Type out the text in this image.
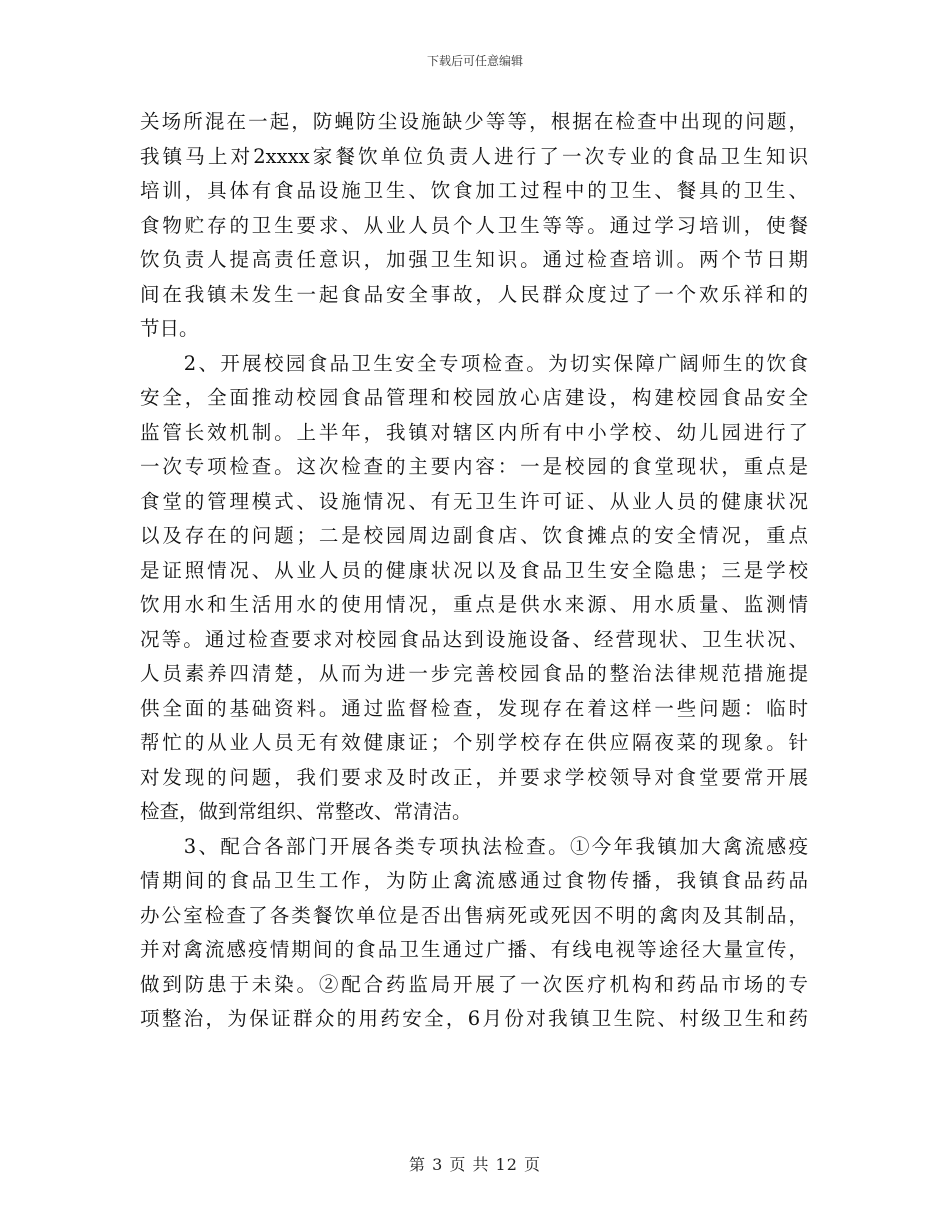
下载后可任意编辑
关场所混在一起，防蝇防尘设施缺少等等，根据在检查中出现的问题，
我镇马上对2xxxx家餐饮单位负责人进行了一次专业的食品卫生知识
培训，具体有食品设施卫生、饮食加工过程中的卫生、餐具的卫生、
食物贮存的卫生要求、从业人员个人卫生等等。通过学习培训，使餐
饮负责人提高责任意识，加强卫生知识。通过检查培训。两个节日期
间在我镇未发生一起食品安全事故，人民群众度过了一个欢乐祥和的
节日。
　　2、开展校园食品卫生安全专项检查。为切实保障广阔师生的饮食
安全，全面推动校园食品管理和校园放心店建设，构建校园食品安全
监管长效机制。上半年，我镇对辖区内所有中小学校、幼儿园进行了
一次专项检查。这次检查的主要内容：一是校园的食堂现状，重点是
食堂的管理模式、设施情况、有无卫生许可证、从业人员的健康状况
以及存在的问题；二是校园周边副食店、饮食摊点的安全情况，重点
是证照情况、从业人员的健康状况以及食品卫生安全隐患；三是学校
饮用水和生活用水的使用情况，重点是供水来源、用水质量、监测情
况等。通过检查要求对校园食品达到设施设备、经营现状、卫生状况、
人员素养四清楚，从而为进一步完善校园食品的整治法律规范措施提
供全面的基础资料。通过监督检查，发现存在着这样一些问题：临时
帮忙的从业人员无有效健康证；个别学校存在供应隔夜菜的现象。针
对发现的问题，我们要求及时改正，并要求学校领导对食堂要常开展
检查，做到常组织、常整改、常清洁。
　　3、配合各部门开展各类专项执法检查。①今年我镇加大禽流感疫
情期间的食品卫生工作，为防止禽流感通过食物传播，我镇食品药品
办公室检查了各类餐饮单位是否出售病死或死因不明的禽肉及其制品，
并对禽流感疫情期间的食品卫生通过广播、有线电视等途径大量宣传，
做到防患于未染。②配合药监局开展了一次医疗机构和药品市场的专
项整治，为保证群众的用药安全，6月份对我镇卫生院、村级卫生和药
第 3 页 共 12 页
